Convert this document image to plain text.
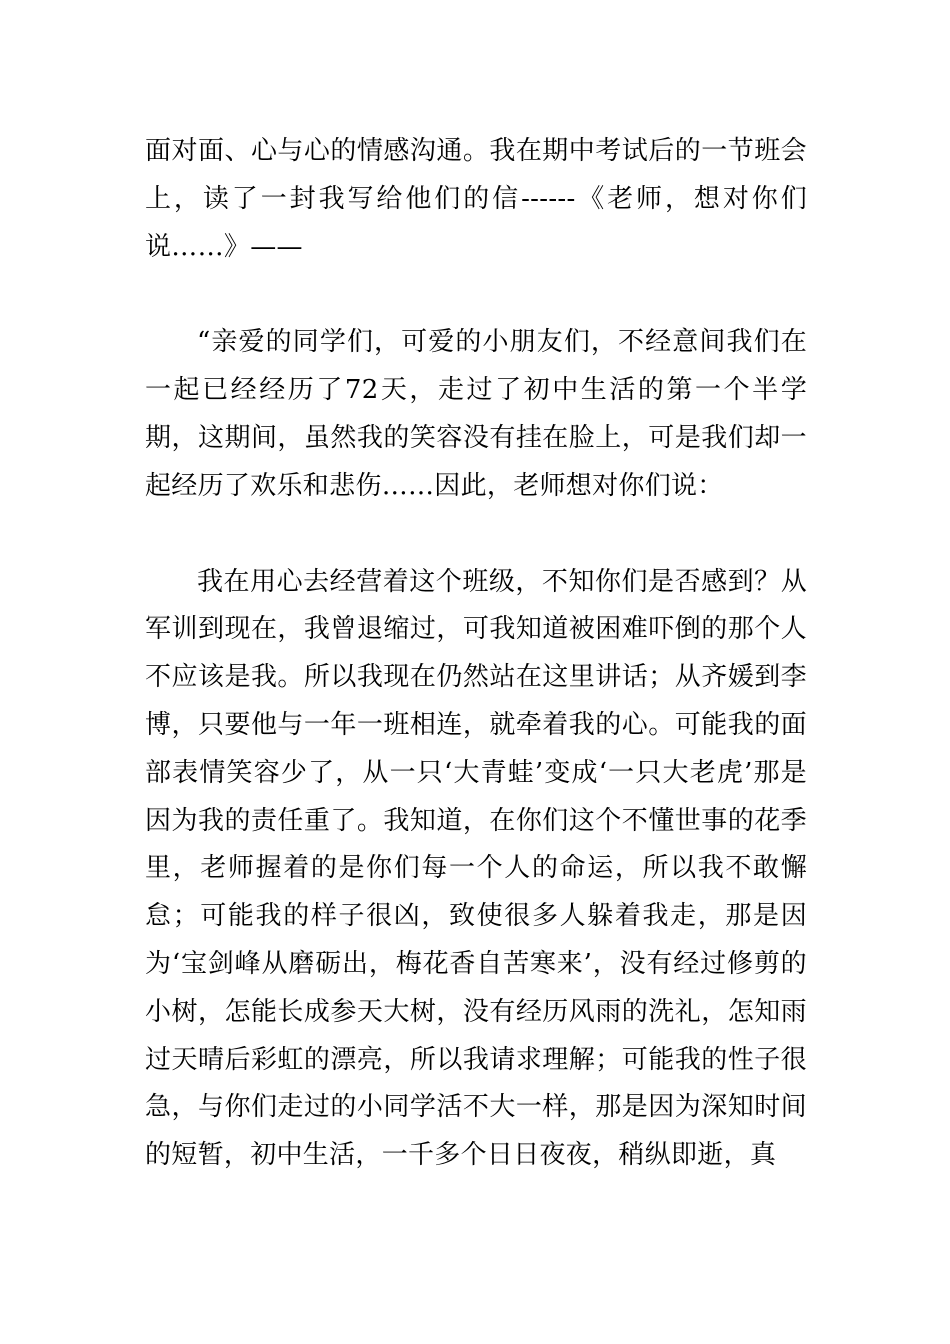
面对面、心与心的情感沟通。我在期中考试后的一节班会上，读了一封我写给他们的信------《老师，想对你们说……》——

“亲爱的同学们，可爱的小朋友们，不经意间我们在一起已经经历了72天，走过了初中生活的第一个半学期，这期间，虽然我的笑容没有挂在脸上，可是我们却一起经历了欢乐和悲伤……因此，老师想对你们说：

我在用心去经营着这个班级，不知你们是否感到？从军训到现在，我曾退缩过，可我知道被困难吓倒的那个人不应该是我。所以我现在仍然站在这里讲话；从齐媛到李博，只要他与一年一班相连，就牵着我的心。可能我的面部表情笑容少了，从一只‘大青蛙’变成‘一只大老虎’那是因为我的责任重了。我知道，在你们这个不懂世事的花季里，老师握着的是你们每一个人的命运，所以我不敢懈怠；可能我的样子很凶，致使很多人躲着我走，那是因为‘宝剑峰从磨砺出，梅花香自苦寒来’，没有经过修剪的小树，怎能长成参天大树，没有经历风雨的洗礼，怎知雨过天晴后彩虹的漂亮，所以我请求理解；可能我的性子很急，与你们走过的小同学活不大一样，那是因为深知时间的短暂，初中生活，一千多个日日夜夜，稍纵即逝，真
